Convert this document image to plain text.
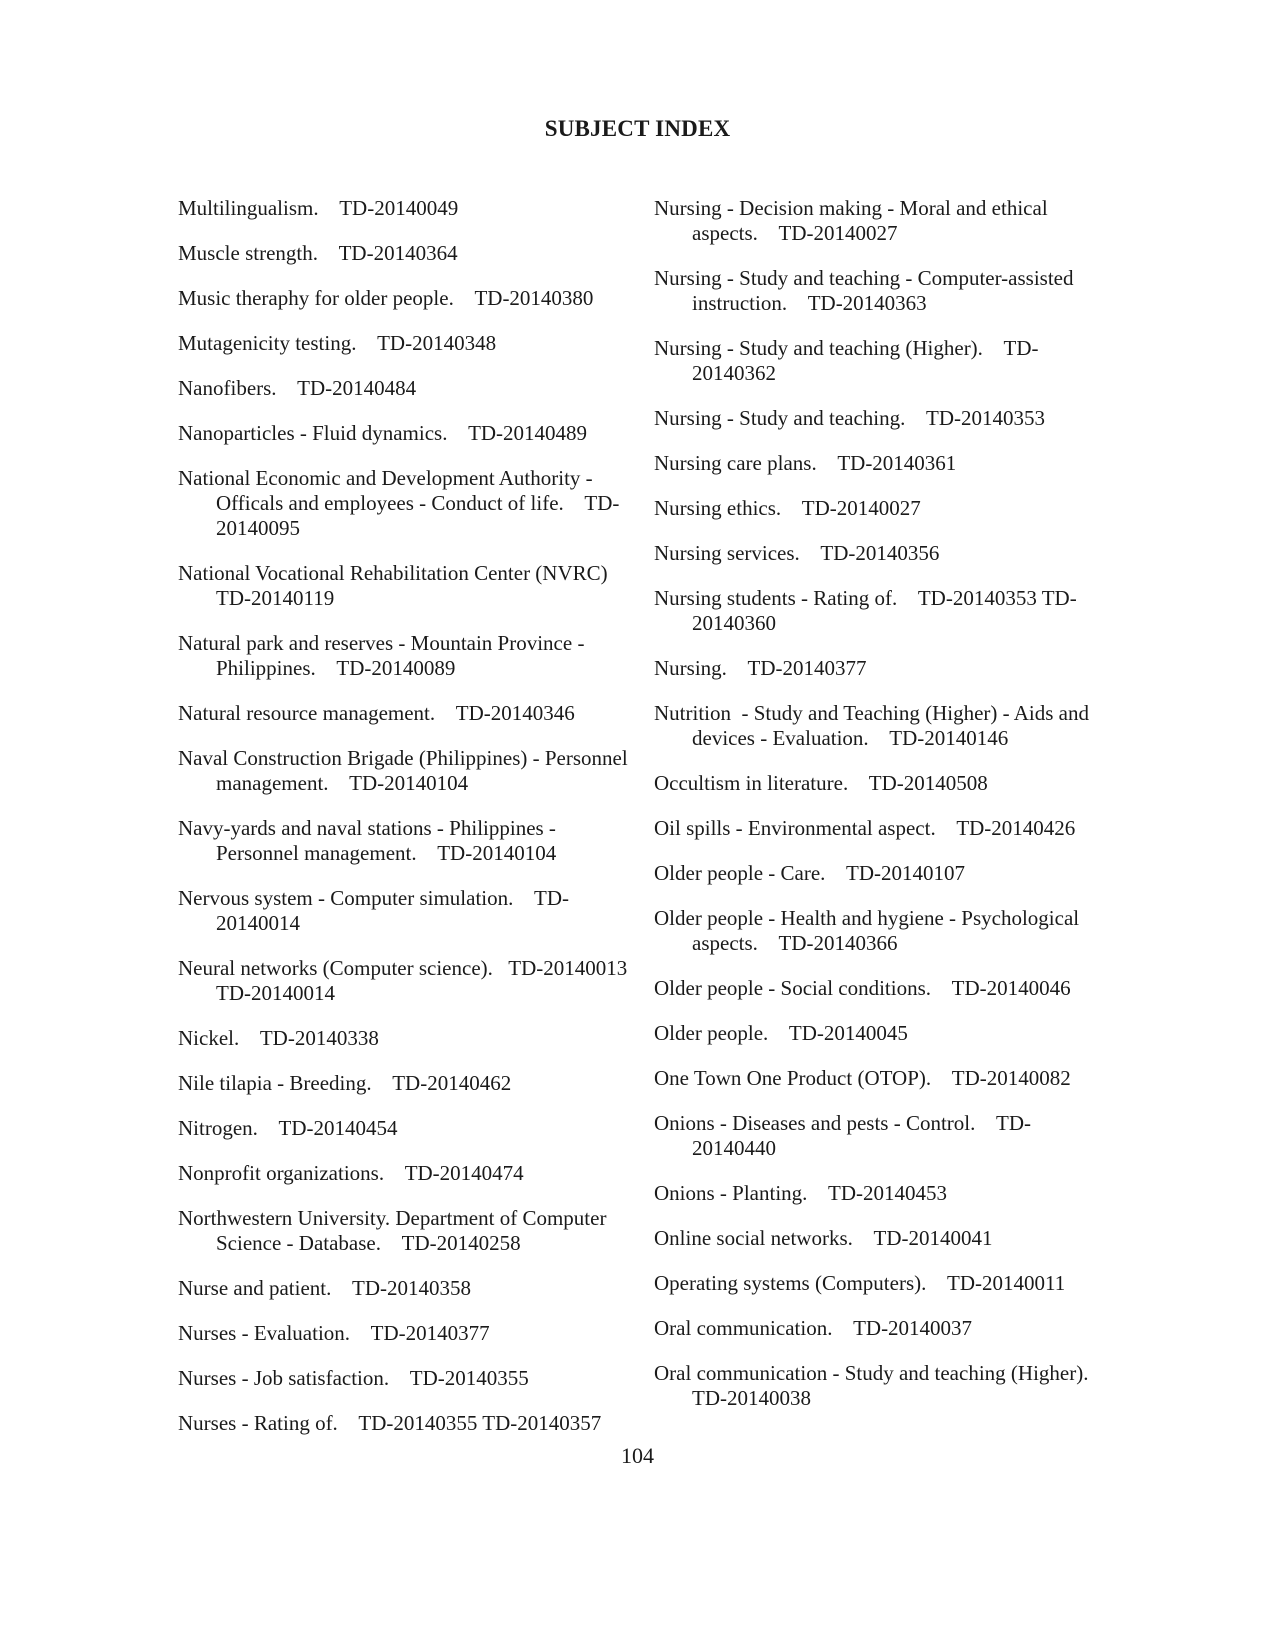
SUBJECT INDEX
Multilingualism.    TD-20140049
Muscle strength.    TD-20140364
Music theraphy for older people.    TD-20140380
Mutagenicity testing.    TD-20140348
Nanofibers.    TD-20140484
Nanoparticles - Fluid dynamics.    TD-20140489
National Economic and Development Authority - Officals and employees - Conduct of life.    TD-20140095
National Vocational Rehabilitation Center (NVRC)    TD-20140119
Natural park and reserves - Mountain Province - Philippines.    TD-20140089
Natural resource management.    TD-20140346
Naval Construction Brigade (Philippines) - Personnel management.    TD-20140104
Navy-yards and naval stations - Philippines - Personnel management.    TD-20140104
Nervous system - Computer simulation.    TD-20140014
Neural networks (Computer science).   TD-20140013 TD-20140014
Nickel.    TD-20140338
Nile tilapia - Breeding.    TD-20140462
Nitrogen.    TD-20140454
Nonprofit organizations.    TD-20140474
Northwestern University. Department of Computer Science - Database.    TD-20140258
Nurse and patient.    TD-20140358
Nurses - Evaluation.    TD-20140377
Nurses - Job satisfaction.    TD-20140355
Nurses - Rating of.    TD-20140355 TD-20140357
Nursing - Decision making - Moral and ethical aspects.    TD-20140027
Nursing - Study and teaching - Computer-assisted instruction.    TD-20140363
Nursing - Study and teaching (Higher).    TD-20140362
Nursing - Study and teaching.    TD-20140353
Nursing care plans.    TD-20140361
Nursing ethics.    TD-20140027
Nursing services.    TD-20140356
Nursing students - Rating of.    TD-20140353 TD-20140360
Nursing.    TD-20140377
Nutrition  - Study and Teaching (Higher) - Aids and devices - Evaluation.    TD-20140146
Occultism in literature.    TD-20140508
Oil spills - Environmental aspect.    TD-20140426
Older people - Care.    TD-20140107
Older people - Health and hygiene - Psychological aspects.    TD-20140366
Older people - Social conditions.    TD-20140046
Older people.    TD-20140045
One Town One Product (OTOP).    TD-20140082
Onions - Diseases and pests - Control.    TD-20140440
Onions - Planting.    TD-20140453
Online social networks.    TD-20140041
Operating systems (Computers).    TD-20140011
Oral communication.    TD-20140037
Oral communication - Study and teaching (Higher).    TD-20140038
104
